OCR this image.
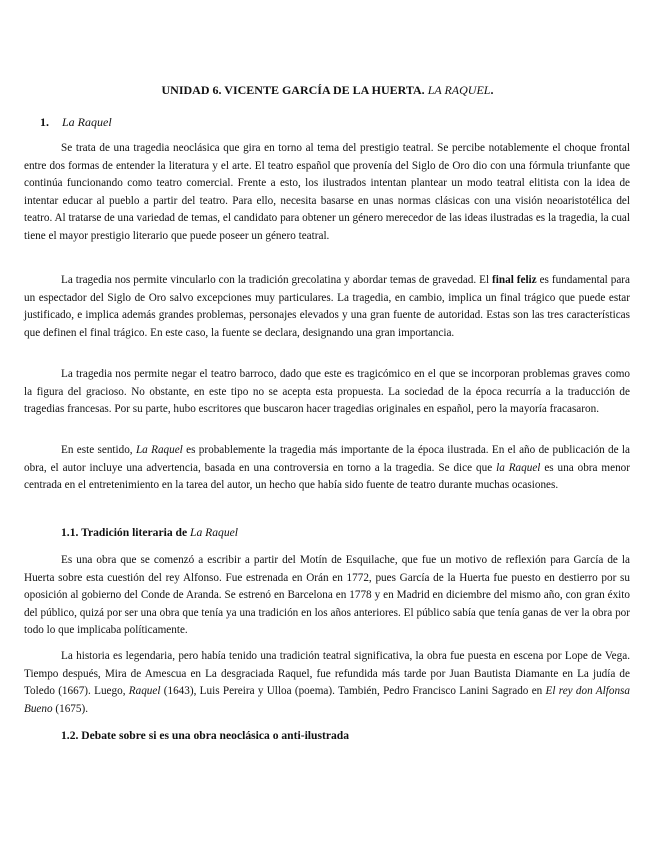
UNIDAD 6. VICENTE GARCÍA DE LA HUERTA. LA RAQUEL.
1. La Raquel

Se trata de una tragedia neoclásica que gira en torno al tema del prestigio teatral. Se percibe notablemente el choque frontal entre dos formas de entender la literatura y el arte. El teatro español que provenía del Siglo de Oro dio con una fórmula triunfante que continúa funcionando como teatro comercial. Frente a esto, los ilustrados intentan plantear un modo teatral elitista con la idea de intentar educar al pueblo a partir del teatro. Para ello, necesita basarse en unas normas clásicas con una visión neoaristotélica del teatro. Al tratarse de una variedad de temas, el candidato para obtener un género merecedor de las ideas ilustradas es la tragedia, la cual tiene el mayor prestigio literario que puede poseer un género teatral.

La tragedia nos permite vincularlo con la tradición grecolatina y abordar temas de gravedad. El final feliz es fundamental para un espectador del Siglo de Oro salvo excepciones muy particulares. La tragedia, en cambio, implica un final trágico que puede estar justificado, e implica además grandes problemas, personajes elevados y una gran fuente de autoridad. Estas son las tres características que definen el final trágico. En este caso, la fuente se declara, designando una gran importancia.

La tragedia nos permite negar el teatro barroco, dado que este es tragicómico en el que se incorporan problemas graves como la figura del gracioso. No obstante, en este tipo no se acepta esta propuesta. La sociedad de la época recurría a la traducción de tragedias francesas. Por su parte, hubo escritores que buscaron hacer tragedias originales en español, pero la mayoría fracasaron.

En este sentido, La Raquel es probablemente la tragedia más importante de la época ilustrada. En el año de publicación de la obra, el autor incluye una advertencia, basada en una controversia en torno a la tragedia. Se dice que la Raquel es una obra menor centrada en el entretenimiento en la tarea del autor, un hecho que había sido fuente de teatro durante muchas ocasiones.

1.1. Tradición literaria de La Raquel

Es una obra que se comenzó a escribir a partir del Motín de Esquilache, que fue un motivo de reflexión para García de la Huerta sobre esta cuestión del rey Alfonso. Fue estrenada en Orán en 1772, pues García de la Huerta fue puesto en destierro por su oposición al gobierno del Conde de Aranda. Se estrenó en Barcelona en 1778 y en Madrid en diciembre del mismo año, con gran éxito del público, quizá por ser una obra que tenía ya una tradición en los años anteriores. El público sabía que tenía ganas de ver la obra por todo lo que implicaba políticamente.

La historia es legendaria, pero había tenido una tradición teatral significativa, la obra fue puesta en escena por Lope de Vega. Tiempo después, Mira de Amescua en La desgraciada Raquel, fue refundida más tarde por Juan Bautista Diamante en La judía de Toledo (1667). Luego, Raquel (1643), Luis Pereira y Ulloa (poema). También, Pedro Francisco Lanini Sagrado en El rey don Alfonsa Bueno (1675).

1.2. Debate sobre si es una obra neoclásica o anti-ilustrada
